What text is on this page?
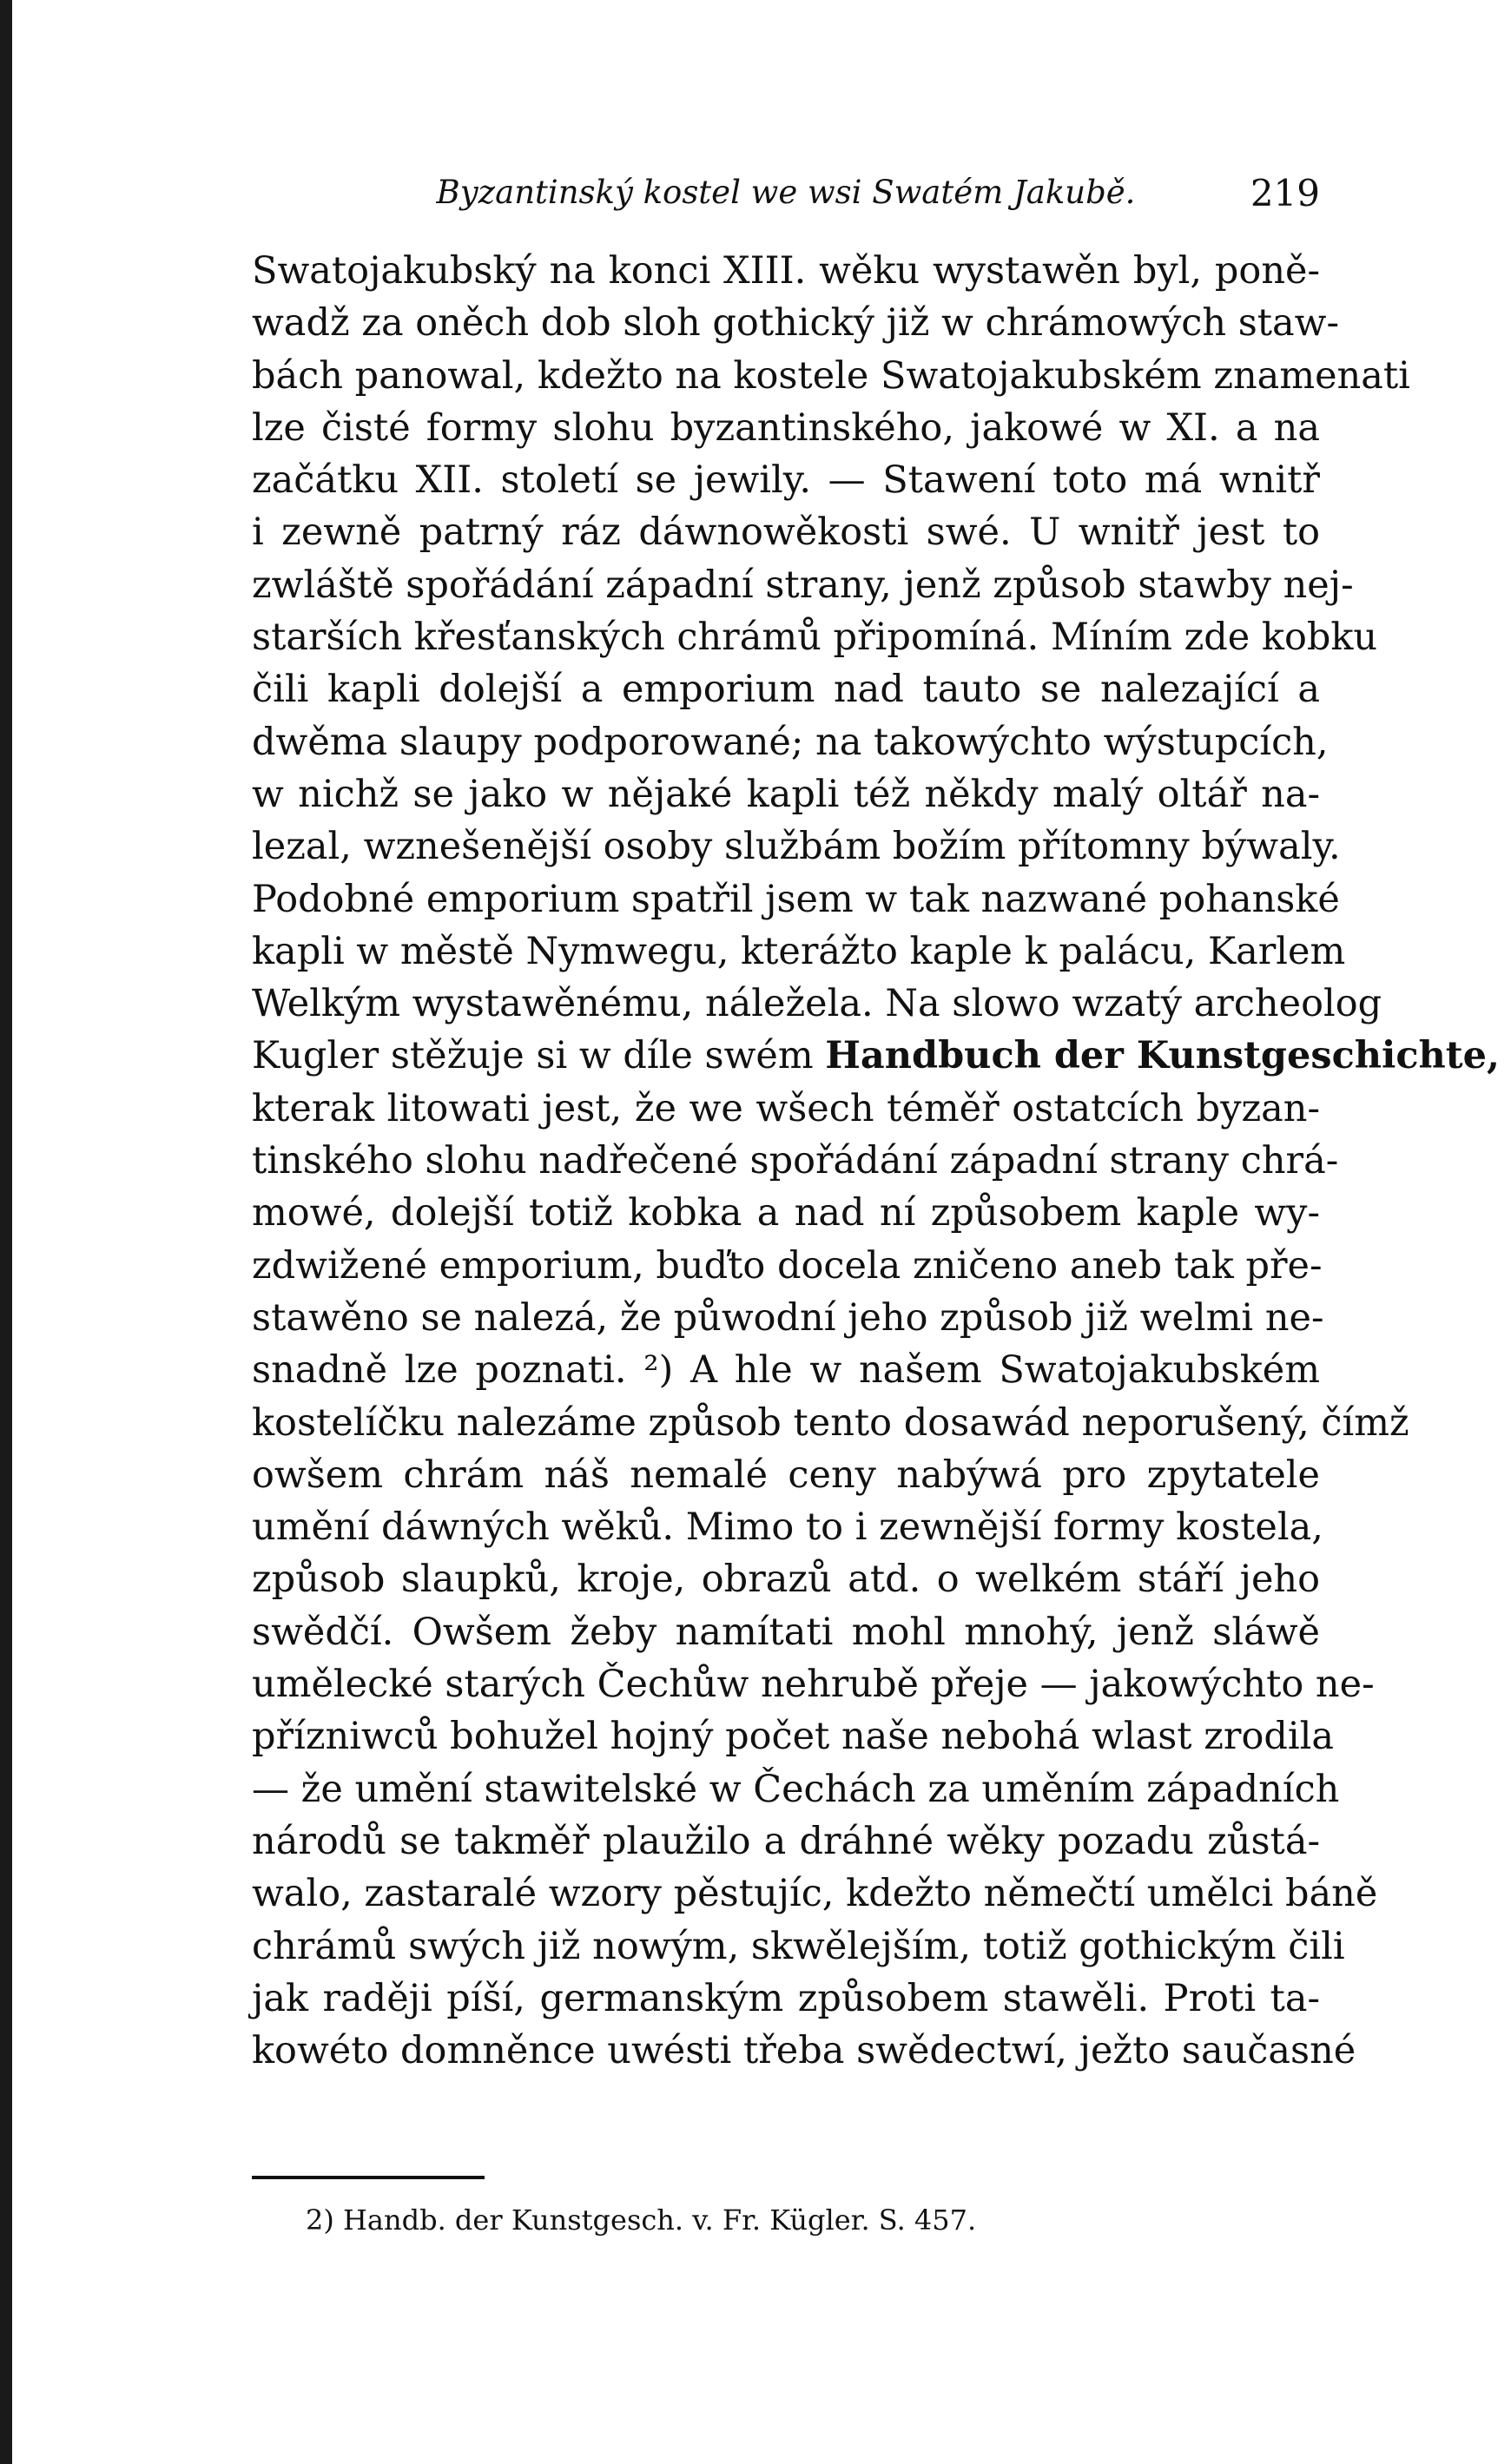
Byzantinský kostel we wsi Swatém Jakubě.	219
Swatojakubský na konci XIII. wěku wystawěn byl, poně-
wadž za oněch dob sloh gothický již w chrámowých staw-
bách panowal, kdežto na kostele Swatojakubském znamenati
lze čisté formy slohu byzantinského, jakowé w XI. a na
začátku XII. století se jewily. — Stawení toto má wnitř
i zewně patrný ráz dáwnowěkosti swé. U wnitř jest to
zwláště spořádání západní strany, jenž způsob stawby nej-
starších křesťanských chrámů připomíná. Míním zde kobku
čili kapli dolejší a emporium nad tauto se nalezající a
dwěma slaupy podporowané; na takowýchto wýstupcích,
w nichž se jako w nějaké kapli též někdy malý oltář na-
lezal, wznešenější osoby službám božím přítomny býwaly.
Podobné emporium spatřil jsem w tak nazwané pohanské
kapli w městě Nymwegu, kterážto kaple k palácu, Karlem
Welkým wystawěnému, náležela. Na slowo wzatý archeolog
Kugler stěžuje si w díle swém Handbuch der Kunstgeschichte,
kterak litowati jest, že we wšech téměř ostatcích byzan-
tinského slohu nadřečené spořádání západní strany chrá-
mowé, dolejší totiž kobka a nad ní způsobem kaple wy-
zdwižené emporium, buďto docela zničeno aneb tak pře-
stawěno se nalezá, že půwodní jeho způsob již welmi ne-
snadně lze poznati. ²) A hle w našem Swatojakubském
kostelíčku nalezáme způsob tento dosawád neporušený, čímž
owšem chrám náš nemalé ceny nabýwá pro zpytatele
umění dáwných wěků. Mimo to i zewnější formy kostela,
způsob slaupků, kroje, obrazů atd. o welkém stáří jeho
swědčí. Owšem žeby namítati mohl mnohý, jenž sláwě
umělecké starých Čechůw nehrubě přeje — jakowýchto ne-
přízniwců bohužel hojný počet naše nebohá wlast zrodila
— že umění stawitelské w Čechách za uměním západních
národů se takměř plaužilo a dráhné wěky pozadu zůstá-
walo, zastaralé wzory pěstujíc, kdežto němečtí umělci báně
chrámů swých již nowým, skwělejším, totiž gothickým čili
jak raději píší, germanským způsobem stawěli. Proti ta-
kowéto domněnce uwésti třeba swědectwí, ježto saučasné
2) Handb. der Kunstgesch. v. Fr. Kügler. S. 457.
